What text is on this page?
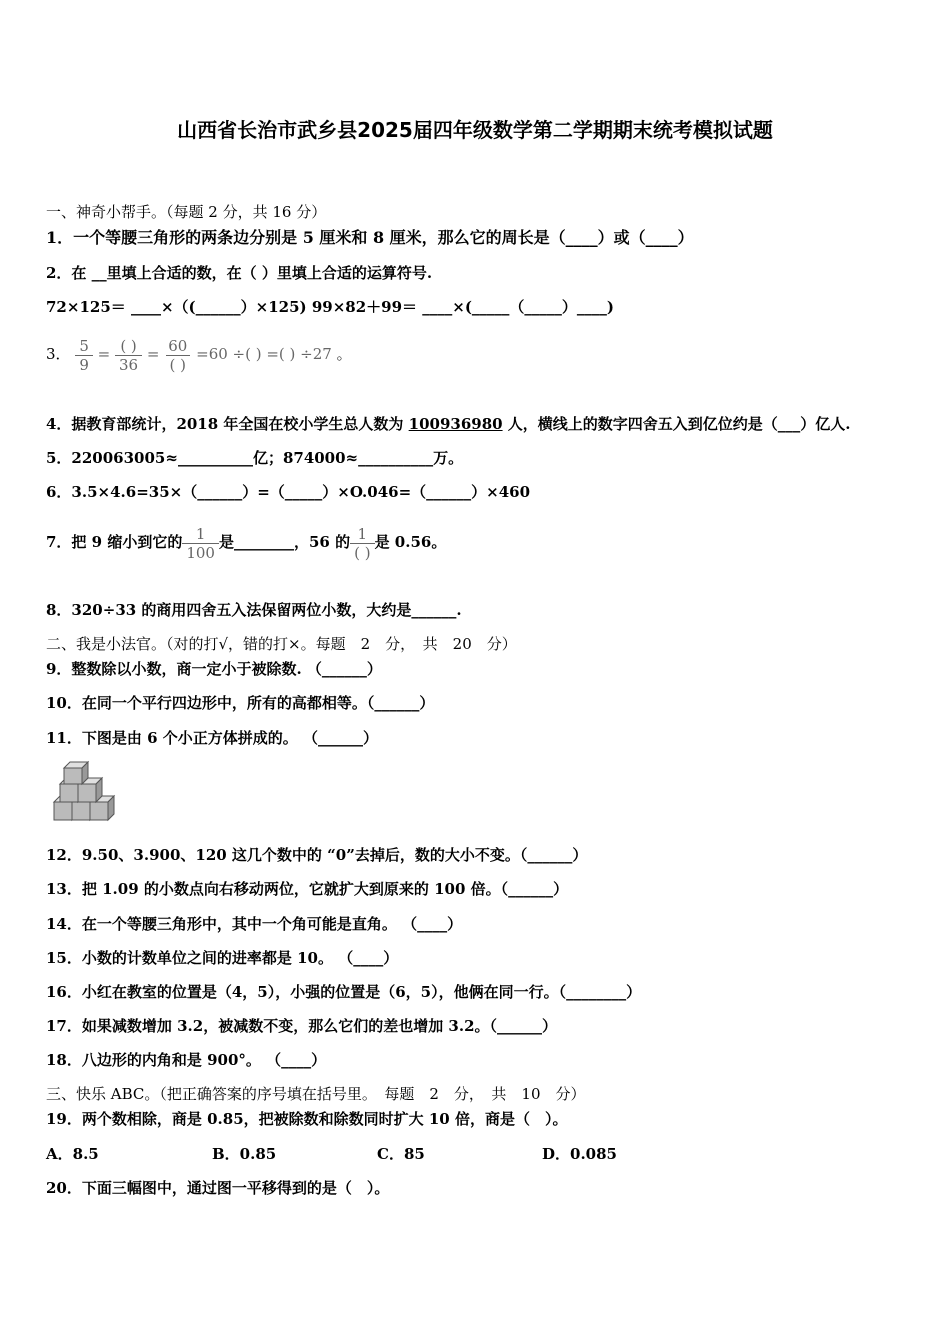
山西省长治市武乡县2025届四年级数学第二学期期末统考模拟试题
一、神奇小帮手。（每题 2 分，共 16 分）
1．一个等腰三角形的两条边分别是 5 厘米和 8 厘米，那么它的周长是（____）或（____）
2．在 __里填上合适的数，在（ ）里填上合适的运算符号.
72×125＝ ____×（(______）×125) 99×82＋99＝ ____×(_____（_____）____)
3． $\frac{5}{9} = \frac{( )}{36} = \frac{60}{( )} =60$ ÷( ) =( ) ÷27 。
4．据教育部统计，2018 年全国在校小学生总人数为 100936980 人，横线上的数字四舍五入到亿位约是（___）亿人.
5．220063005≈__________亿；874000≈__________万。
6．3.5×4.6=35×（______）=（_____）×O.046=（______）×460
7．把 9 缩小到它的 $\frac{1}{100}$ 是________，56 的 $\frac{1}{( )}$ 是 0.56。
8．320÷33 的商用四舍五入法保留两位小数，大约是______.
二、我是小法官。（对的打√，错的打×。每题　2　分，　共　20　分）
9．整数除以小数，商一定小于被除数. （______）
10．在同一个平行四边形中，所有的高都相等。（______）
11．下图是由 6 个小正方体拼成的。 （______）
12．9.50、3.900、120 这几个数中的 “0”去掉后，数的大小不变。（______）
13．把 1.09 的小数点向右移动两位，它就扩大到原来的 100 倍。（______）
14．在一个等腰三角形中，其中一个角可能是直角。 （____）
15．小数的计数单位之间的进率都是 10。 （____）
16．小红在教室的位置是（4，5），小强的位置是（6，5），他俩在同一行。（________）
17．如果减数增加 3.2，被减数不变，那么它们的差也增加 3.2。（______）
18．八边形的内角和是 900°。 （____）
三、快乐 ABC。（把正确答案的序号填在括号里。　每题　2　分，　共　10　分）
19．两个数相除，商是 0.85，把被除数和除数同时扩大 10 倍，商是（　）。
A．8.5	B．0.85	C．85	D．0.085
20．下面三幅图中，通过图一平移得到的是（　）。
